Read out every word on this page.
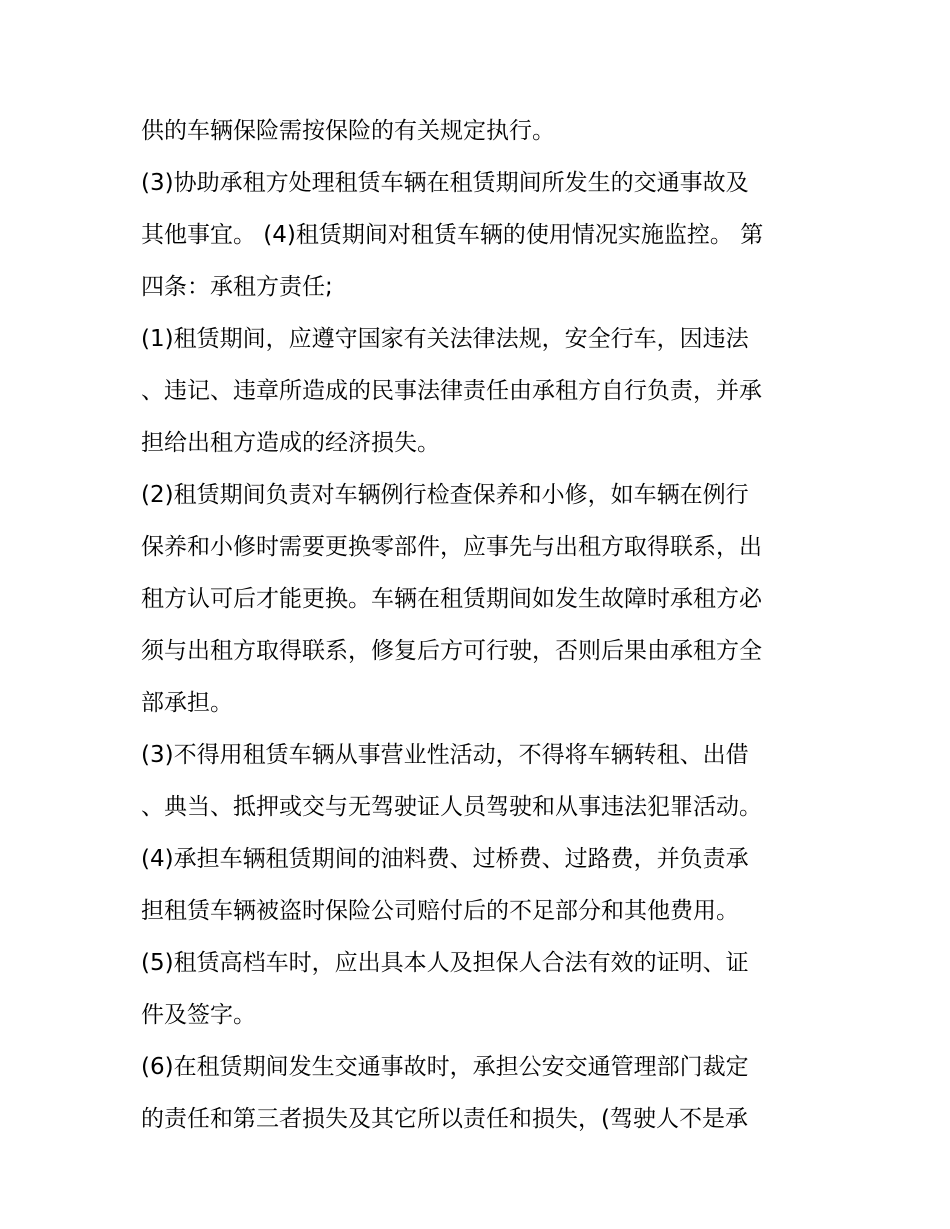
供的车辆保险需按保险的有关规定执行。
(3)协助承租方处理租赁车辆在租赁期间所发生的交通事故及
其他事宜。 (4)租赁期间对租赁车辆的使用情况实施监控。 第
四条：承租方责任;
(1)租赁期间，应遵守国家有关法律法规，安全行车，因违法
、违记、违章所造成的民事法律责任由承租方自行负责，并承
担给出租方造成的经济损失。
(2)租赁期间负责对车辆例行检查保养和小修，如车辆在例行
保养和小修时需要更换零部件，应事先与出租方取得联系，出
租方认可后才能更换。车辆在租赁期间如发生故障时承租方必
须与出租方取得联系，修复后方可行驶，否则后果由承租方全
部承担。
(3)不得用租赁车辆从事营业性活动，不得将车辆转租、出借
、典当、抵押或交与无驾驶证人员驾驶和从事违法犯罪活动。
(4)承担车辆租赁期间的油料费、过桥费、过路费，并负责承
担租赁车辆被盗时保险公司赔付后的不足部分和其他费用。
(5)租赁高档车时，应出具本人及担保人合法有效的证明、证
件及签字。
(6)在租赁期间发生交通事故时，承担公安交通管理部门裁定
的责任和第三者损失及其它所以责任和损失，(驾驶人不是承
